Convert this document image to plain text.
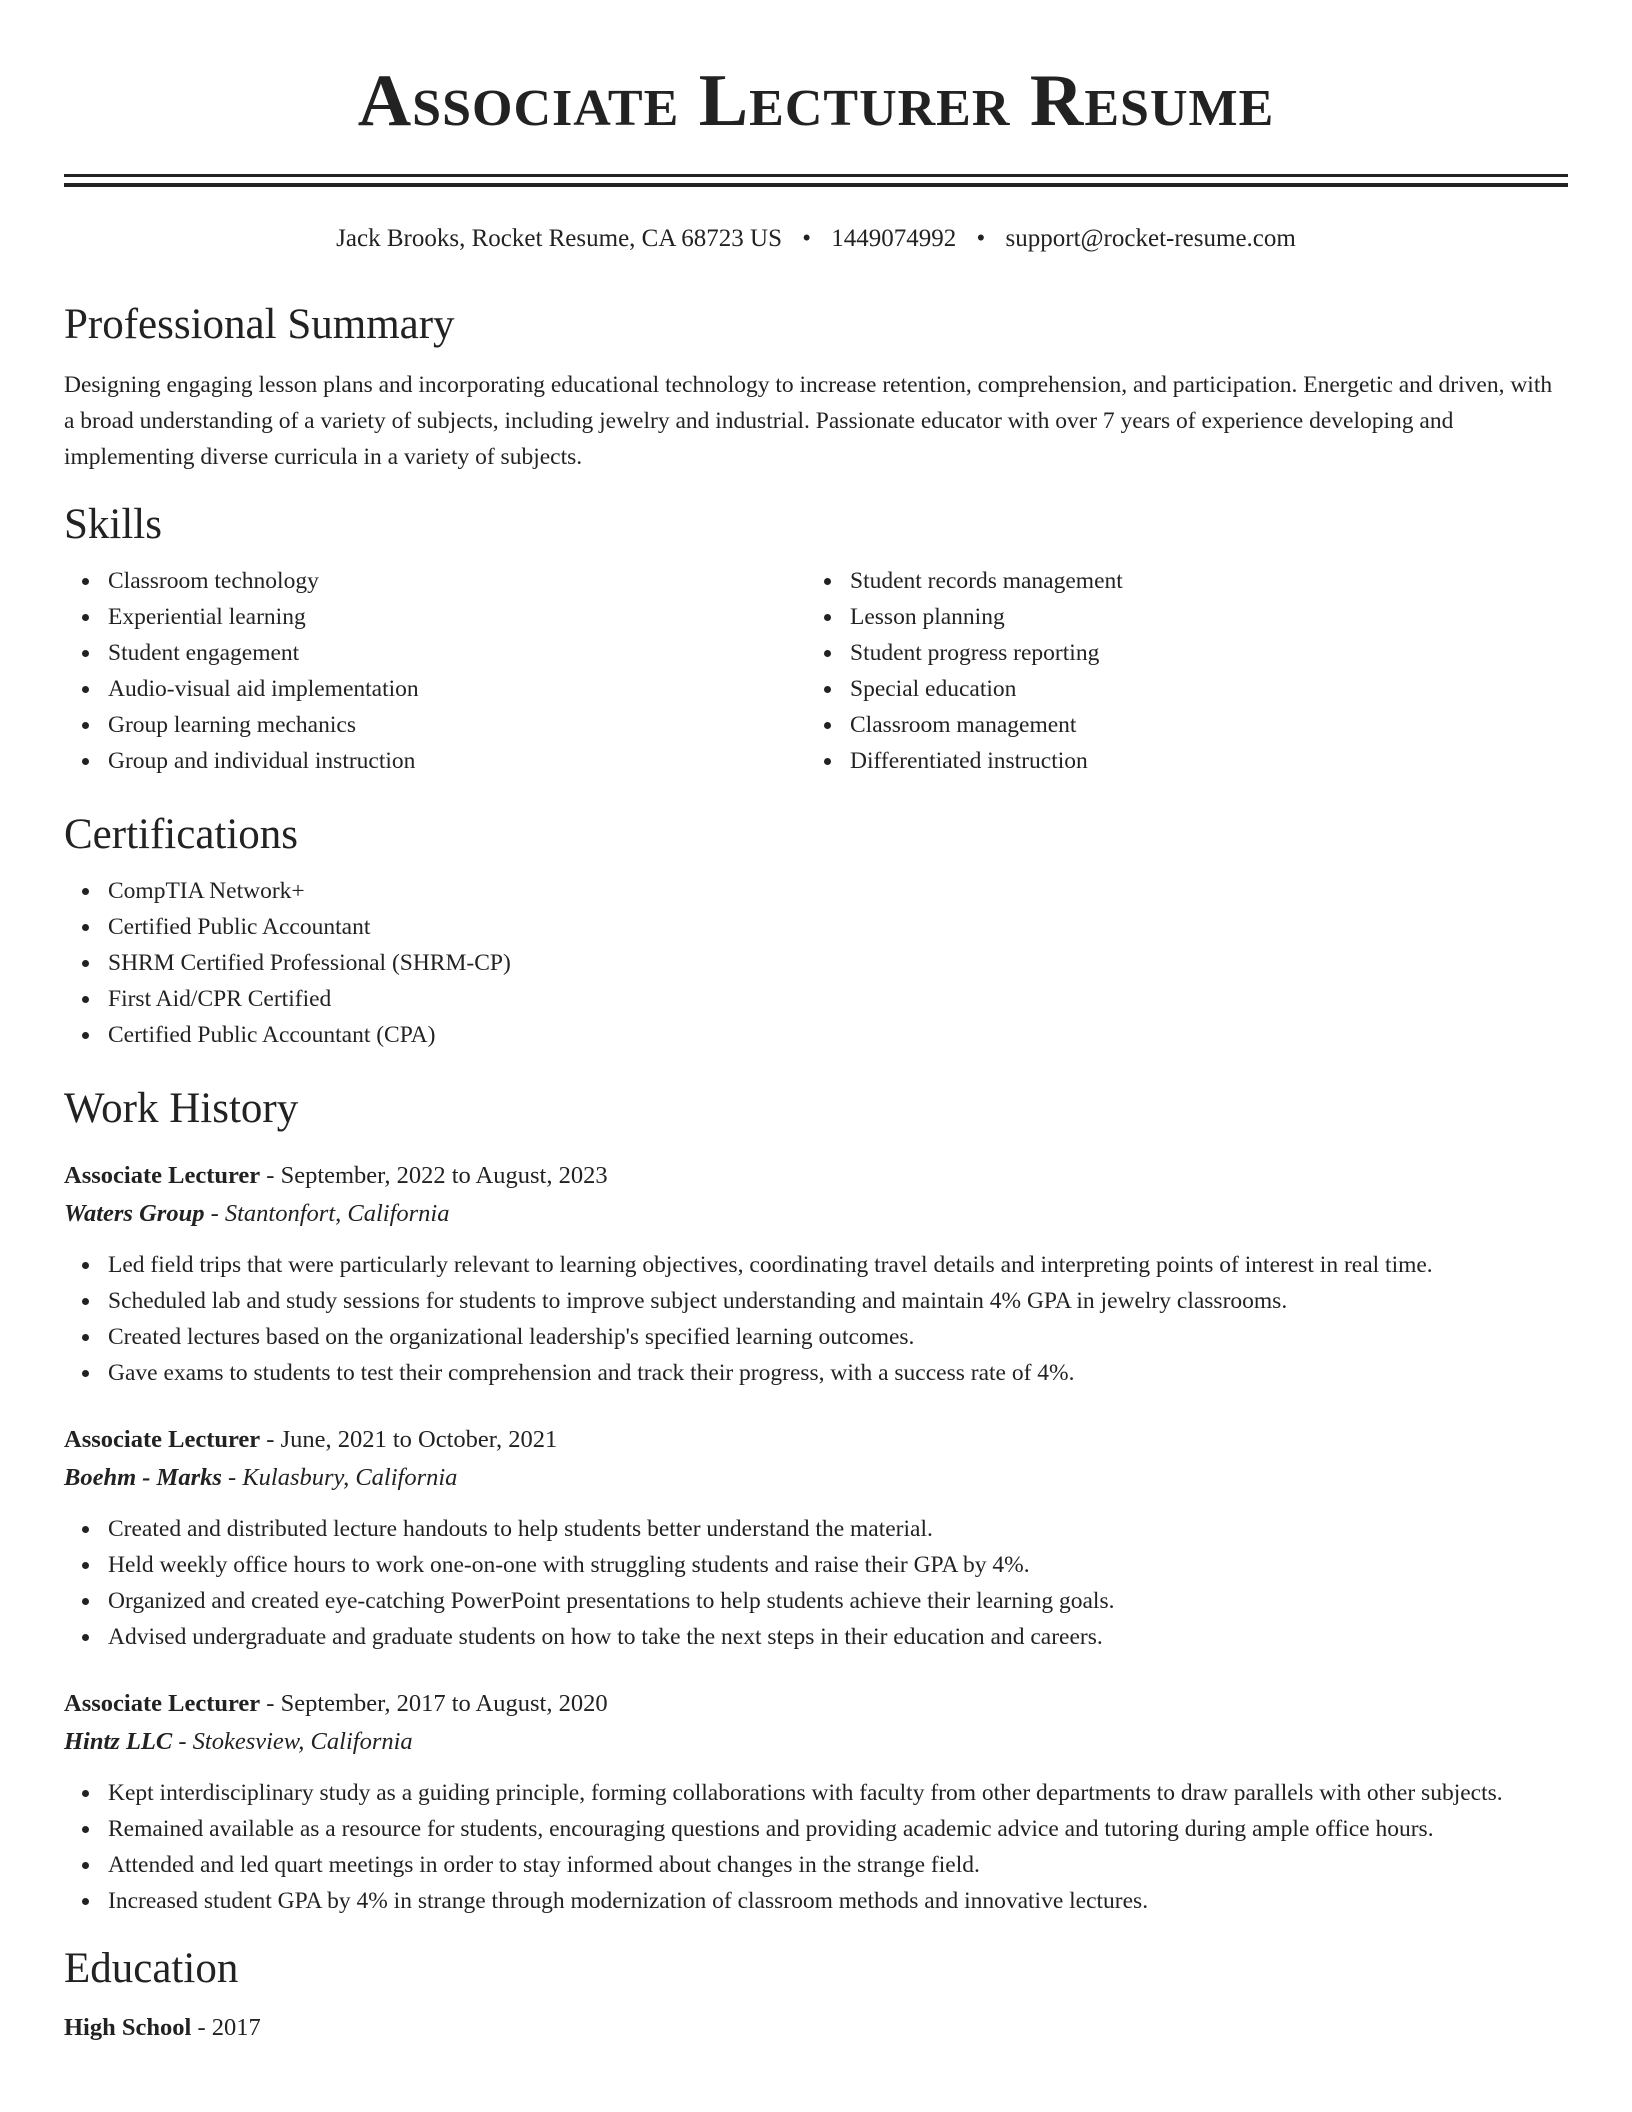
Associate Lecturer Resume
Jack Brooks, Rocket Resume, CA 68723 US • 1449074992 • support@rocket-resume.com
Professional Summary

Designing engaging lesson plans and incorporating educational technology to increase retention, comprehension, and participation. Energetic and driven, with a broad understanding of a variety of subjects, including jewelry and industrial. Passionate educator with over 7 years of experience developing and implementing diverse curricula in a variety of subjects.

Skills
Classroom technology
Experiential learning
Student engagement
Audio-visual aid implementation
Group learning mechanics
Group and individual instruction
Student records management
Lesson planning
Student progress reporting
Special education
Classroom management
Differentiated instruction
Certifications
CompTIA Network+
Certified Public Accountant
SHRM Certified Professional (SHRM-CP)
First Aid/CPR Certified
Certified Public Accountant (CPA)
Work History
Associate Lecturer - September, 2022 to August, 2023
Waters Group - Stantonfort, California
Led field trips that were particularly relevant to learning objectives, coordinating travel details and interpreting points of interest in real time.
Scheduled lab and study sessions for students to improve subject understanding and maintain 4% GPA in jewelry classrooms.
Created lectures based on the organizational leadership's specified learning outcomes.
Gave exams to students to test their comprehension and track their progress, with a success rate of 4%.
Associate Lecturer - June, 2021 to October, 2021
Boehm - Marks - Kulasbury, California
Created and distributed lecture handouts to help students better understand the material.
Held weekly office hours to work one-on-one with struggling students and raise their GPA by 4%.
Organized and created eye-catching PowerPoint presentations to help students achieve their learning goals.
Advised undergraduate and graduate students on how to take the next steps in their education and careers.
Associate Lecturer - September, 2017 to August, 2020
Hintz LLC - Stokesview, California
Kept interdisciplinary study as a guiding principle, forming collaborations with faculty from other departments to draw parallels with other subjects.
Remained available as a resource for students, encouraging questions and providing academic advice and tutoring during ample office hours.
Attended and led quart meetings in order to stay informed about changes in the strange field.
Increased student GPA by 4% in strange through modernization of classroom methods and innovative lectures.
Education
High School - 2017
